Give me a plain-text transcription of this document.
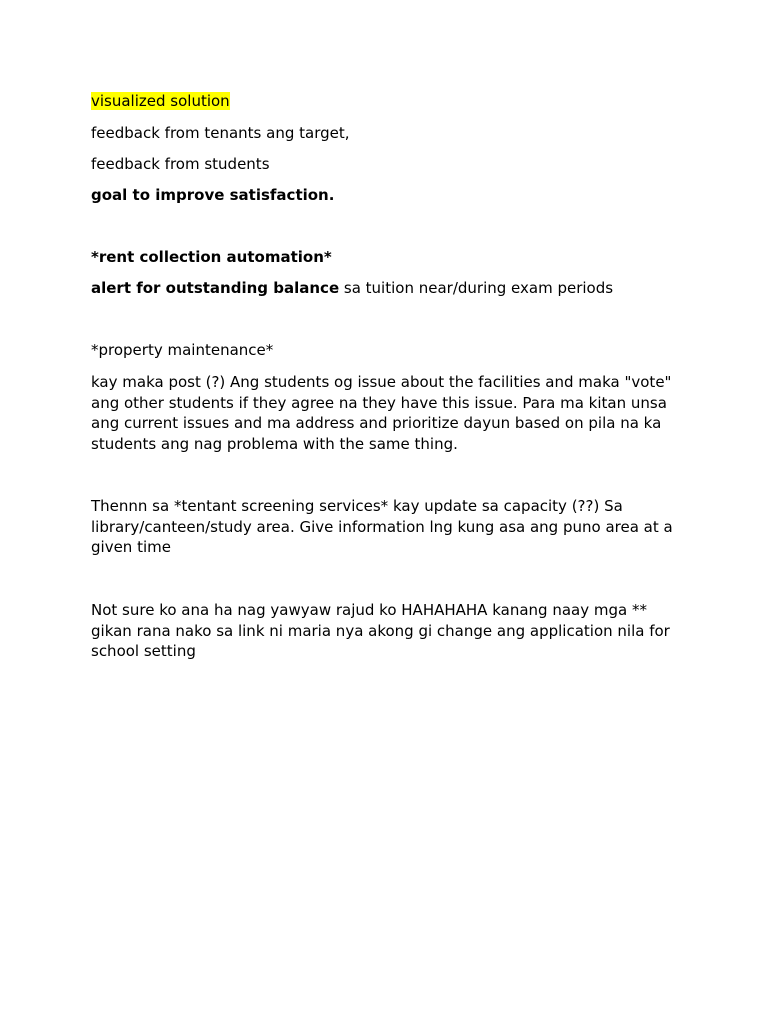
visualized solution

feedback from tenants ang target,

feedback from students

goal to improve satisfaction.

*rent collection automation*

alert for outstanding balance sa tuition near/during exam periods

*property maintenance*

kay maka post (?) Ang students og issue about the facilities and maka "vote" ang other students if they agree na they have this issue. Para ma kitan unsa ang current issues and ma address and prioritize dayun based on pila na ka students ang nag problema with the same thing.

Thennn sa *tentant screening services* kay update sa capacity (??) Sa library/canteen/study area. Give information lng kung asa ang puno area at a given time

Not sure ko ana ha nag yawyaw rajud ko HAHAHAHA kanang naay mga ** gikan rana nako sa link ni maria nya akong gi change ang application nila for school setting
